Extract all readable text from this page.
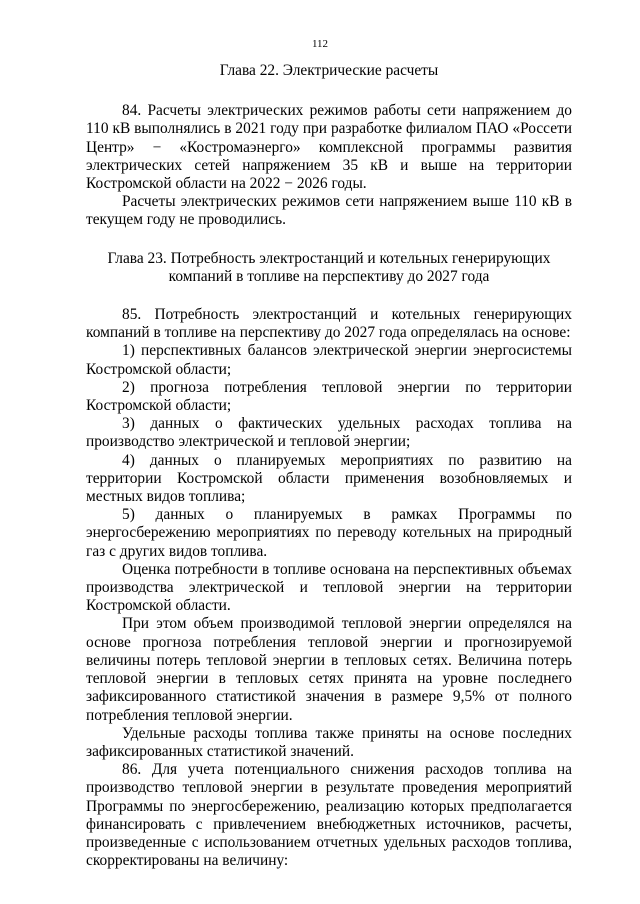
112
Глава 22. Электрические расчеты

84. Расчеты электрических режимов работы сети напряжением до 110 кВ выполнялись в 2021 году при разработке филиалом ПАО «Россети Центр» − «Костромаэнерго» комплексной программы развития электрических сетей напряжением 35 кВ и выше на территории Костромской области на 2022 − 2026 годы.

Расчеты электрических режимов сети напряжением выше 110 кВ в текущем году не проводились.

Глава 23. Потребность электростанций и котельных генерирующих
компаний в топливе на перспективу до 2027 года

85. Потребность электростанций и котельных генерирующих компаний в топливе на перспективу до 2027 года определялась на основе:

1) перспективных балансов электрической энергии энергосистемы Костромской области;

2) прогноза потребления тепловой энергии по территории Костромской области;

3) данных о фактических удельных расходах топлива на производство электрической и тепловой энергии;

4) данных о планируемых мероприятиях по развитию на территории Костромской области применения возобновляемых и местных видов топлива;

5) данных о планируемых в рамках Программы по энергосбережению мероприятиях по переводу котельных на природный газ с других видов топлива.

Оценка потребности в топливе основана на перспективных объемах производства электрической и тепловой энергии на территории Костромской области.

При этом объем производимой тепловой энергии определялся на основе прогноза потребления тепловой энергии и прогнозируемой величины потерь тепловой энергии в тепловых сетях. Величина потерь тепловой энергии в тепловых сетях принята на уровне последнего зафиксированного статистикой значения в размере 9,5% от полного потребления тепловой энергии.

Удельные расходы топлива также приняты на основе последних зафиксированных статистикой значений.

86. Для учета потенциального снижения расходов топлива на производство тепловой энергии в результате проведения мероприятий Программы по энергосбережению, реализацию которых предполагается финансировать с привлечением внебюджетных источников, расчеты, произведенные с использованием отчетных удельных расходов топлива, скорректированы на величину:
